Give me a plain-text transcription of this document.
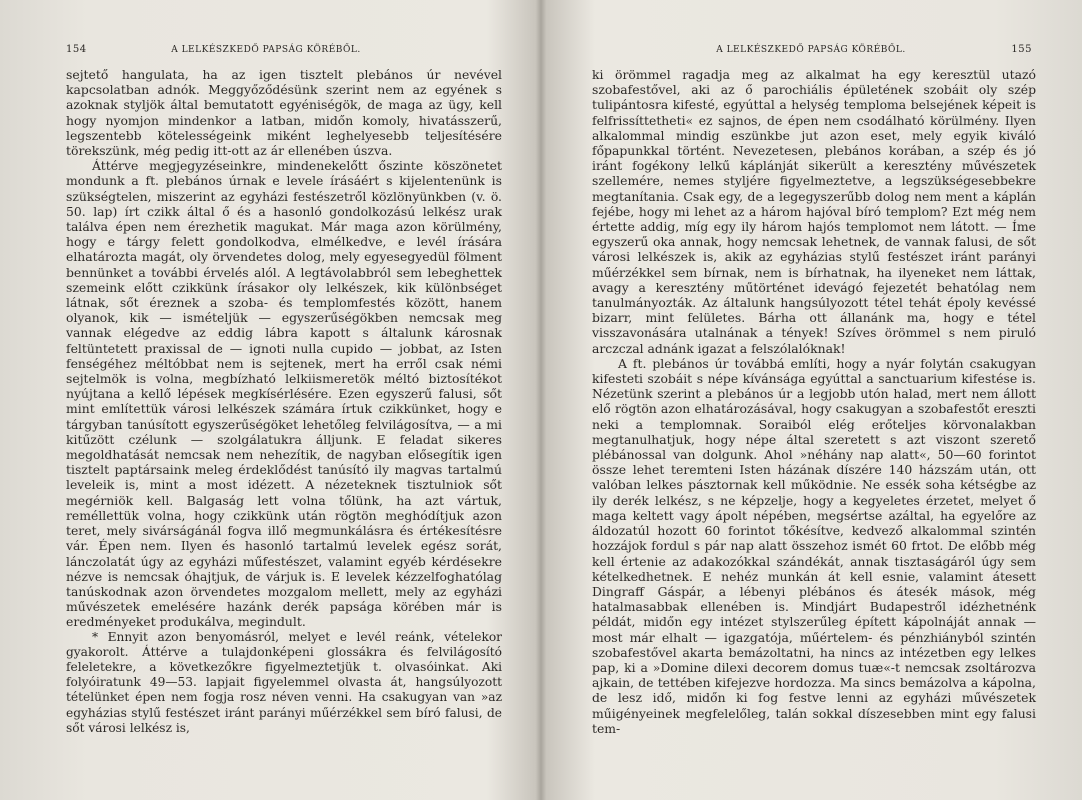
154	A LELKÉSZKEDŐ PAPSÁG KÖRÉBŐL.

sejtető hangulata, ha az igen tisztelt plebános úr nevével kapcsolatban adnók. Meggyőződésünk szerint nem az egyének s azoknak styljök által bemutatott egyéniségök, de maga az ügy, kell hogy nyomjon mindenkor a latban, midőn komoly, hivatásszerű, legszentebb kötelességeink miként leghelyesebb teljesítésére törekszünk, még pedig itt-ott az ár ellenében úszva.

Áttérve megjegyzéseinkre, mindenekelőtt őszinte köszönetet mondunk a ft. plebános úrnak e levele írásáért s kijelentenünk is szükségtelen, miszerint az egyházi festészetről közlönyünkben (v. ö. 50. lap) írt czikk által ő és a hasonló gondolkozású lelkész urak találva épen nem érezhetik magukat. Már maga azon körülmény, hogy e tárgy felett gondolkodva, elmélkedve, e levél írására elhatározta magát, oly örvendetes dolog, mely egyesegyedül fölment bennünket a további érvelés alól. A legtávolabbról sem lebeghettek szemeink előtt czikkünk írásakor oly lelkészek, kik különbséget látnak, sőt éreznek a szoba- és templomfestés között, hanem olyanok, kik — ismételjük — egyszerűségökben nemcsak meg vannak elégedve az eddig lábra kapott s általunk károsnak feltüntetett praxissal de — ignoti nulla cupido — jobbat, az Isten fenségéhez méltóbbat nem is sejtenek, mert ha erről csak némi sejtelmök is volna, megbízható lelkiismeretök méltó biztosítékot nyújtana a kellő lépések megkísérlésére. Ezen egyszerű falusi, sőt mint említettük városi lelkészek számára írtuk czikkünket, hogy e tárgyban tanúsított egyszerűségöket lehetőleg felvilágosítva, — a mi kitűzött czélunk — szolgálatukra álljunk. E feladat sikeres megoldhatását nemcsak nem nehezítik, de nagyban elősegítik igen tisztelt paptársaink meleg érdeklődést tanúsító ily magvas tartalmú leveleik is, mint a most idézett. A nézeteknek tisztulniok sőt megérniök kell. Balgaság lett volna tőlünk, ha azt vártuk, reméllettük volna, hogy czikkünk után rögtön meghódítjuk azon teret, mely sivárságánál fogva illő megmunkálásra és értékesítésre vár. Épen nem. Ilyen és hasonló tartalmú levelek egész sorát, lánczolatát úgy az egyházi műfestészet, valamint egyéb kérdésekre nézve is nemcsak óhajtjuk, de várjuk is. E levelek kézzelfoghatólag tanúskodnak azon örvendetes mozgalom mellett, mely az egyházi művészetek emelésére hazánk derék papsága körében már is eredményeket produkálva, megindult.

* Ennyit azon benyomásról, melyet e levél reánk, vételekor gyakorolt. Áttérve a tulajdonképeni glossákra és felvilágosító feleletekre, a következőkre figyelmeztetjük t. olvasóinkat. Aki folyóiratunk 49—53. lapjait figyelemmel olvasta át, hangsúlyozott tételünket épen nem fogja rosz néven venni. Ha csakugyan van »az egyházias stylű festészet iránt parányi műérzékkel sem bíró falusi, de sőt városi lelkész is,

A LELKÉSZKEDŐ PAPSÁG KÖRÉBŐL.	155

ki örömmel ragadja meg az alkalmat ha egy keresztül utazó szobafestővel, aki az ő parochiális épületének szobáit oly szép tulipántosra kifesté, egyúttal a helység temploma belsejének képeit is felfrissíttetheti« ez sajnos, de épen nem csodálható körülmény. Ilyen alkalommal mindig eszünkbe jut azon eset, mely egyik kiváló főpapunkkal történt. Nevezetesen, plebános korában, a szép és jó iránt fogékony lelkű káplánját sikerült a keresztény művészetek szellemére, nemes styljére figyelmeztetve, a legszükségesebbekre megtanítania. Csak egy, de a legegyszerűbb dolog nem ment a káplán fejébe, hogy mi lehet az a három hajóval bíró templom? Ezt még nem értette addig, míg egy ily három hajós templomot nem látott. — Íme egyszerű oka annak, hogy nemcsak lehetnek, de vannak falusi, de sőt városi lelkészek is, akik az egyházias stylű festészet iránt parányi műérzékkel sem bírnak, nem is bírhatnak, ha ilyeneket nem láttak, avagy a keresztény műtörténet idevágó fejezetét behatólag nem tanulmányozták. Az általunk hangsúlyozott tétel tehát époly kevéssé bizarr, mint felületes. Bárha ott állanánk ma, hogy e tétel visszavonására utalnának a tények! Szíves örömmel s nem piruló arczczal adnánk igazat a felszólalóknak!

A ft. plebános úr továbbá említi, hogy a nyár folytán csakugyan kifesteti szobáit s népe kívánsága egyúttal a sanctuarium kifestése is. Nézetünk szerint a plebános úr a legjobb utón halad, mert nem állott elő rögtön azon elhatározásával, hogy csakugyan a szobafestőt ereszti neki a templomnak. Soraiból elég erőteljes körvonalakban megtanulhatjuk, hogy népe által szeretett s azt viszont szerető plébánossal van dolgunk. Ahol »néhány nap alatt«, 50—60 forintot össze lehet teremteni Isten házának díszére 140 házszám után, ott valóban lelkes pásztornak kell működnie. Ne essék soha kétségbe az ily derék lelkész, s ne képzelje, hogy a kegyeletes érzetet, melyet ő maga keltett vagy ápolt népében, megsértse azáltal, ha egyelőre az áldozatúl hozott 60 forintot tőkésítve, kedvező alkalommal szintén hozzájok fordul s pár nap alatt összehoz ismét 60 frtot. De előbb még kell értenie az adakozókkal szándékát, annak tisztaságáról úgy sem kételkedhetnek. E nehéz munkán át kell esnie, valamint átesett Dingraff Gáspár, a lébenyi plébános és átesék mások, még hatalmasabbak ellenében is. Mindjárt Budapestről idézhetnénk példát, midőn egy intézet stylszerűleg épített kápolnáját annak — most már elhalt — igazgatója, műértelem- és pénzhiányból szintén szobafestővel akarta bemázoltatni, ha nincs az intézetben egy lelkes pap, ki a »Domine dilexi decorem domus tuæ«-t nemcsak zsoltározva ajkain, de tettében kifejezve hordozza. Ma sincs bemázolva a kápolna, de lesz idő, midőn ki fog festve lenni az egyházi művészetek műigényeinek megfelelőleg, talán sokkal díszesebben mint egy falusi tem-
